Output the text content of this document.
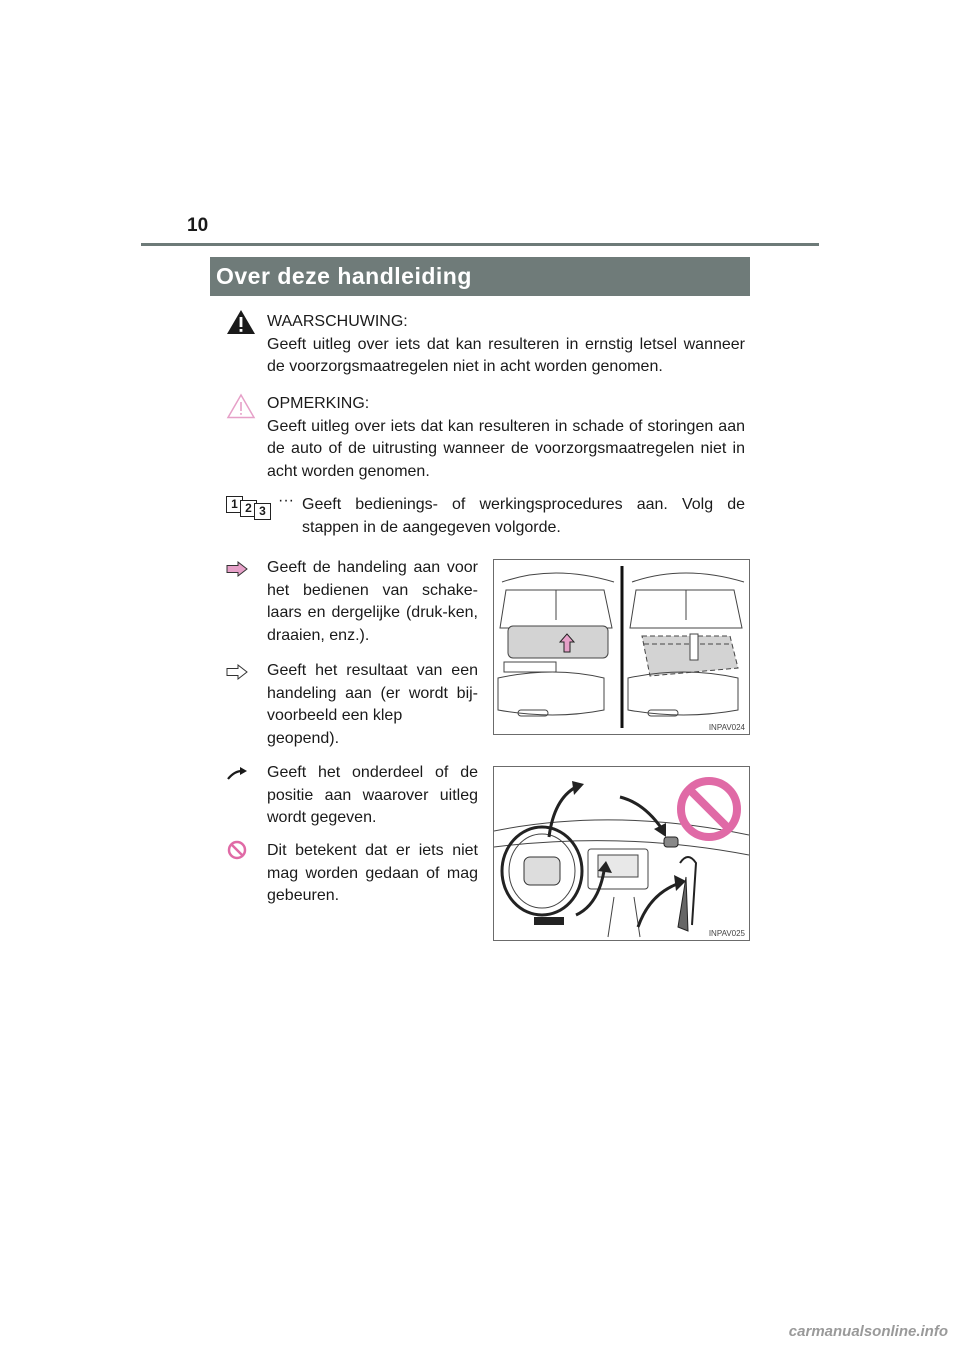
10
Over deze handleiding
WAARSCHUWING:
Geeft uitleg over iets dat kan resulteren in ernstig letsel wanneer de voorzorgsmaatregelen niet in acht worden genomen.
OPMERKING:
Geeft uitleg over iets dat kan resulteren in schade of storingen aan de auto of de uitrusting wanneer de voorzorgsmaatregelen niet in acht worden genomen.
1 2 3
··· Geeft bedienings- of werkingsprocedures aan. Volg de stappen in de aangegeven volgorde.
Geeft de handeling aan voor het bedienen van schake-laars en dergelijke (druk-ken, draaien, enz.).
Geeft het resultaat van een
handeling aan (er wordt bij-
voorbeeld een klep
geopend).
Geeft het onderdeel of de positie aan waarover uitleg wordt gegeven.
Dit betekent dat er iets niet mag worden gedaan of mag gebeuren.
INPAV024
INPAV025
carmanualsonline.info
